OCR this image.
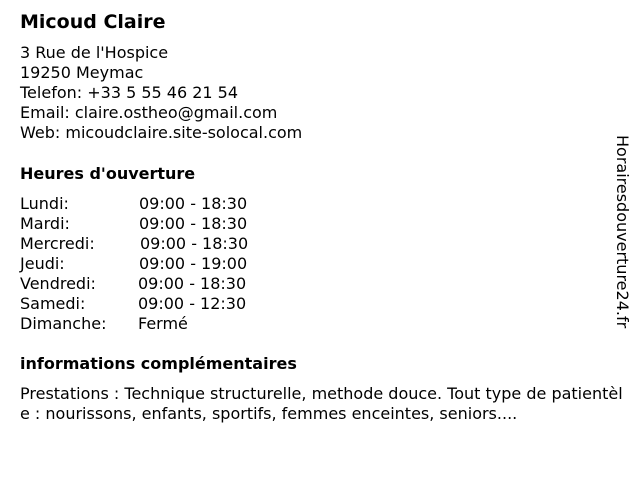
Micoud Claire
3 Rue de l'Hospice
19250 Meymac
Telefon: +33 5 55 46 21 54
Email: claire.ostheo@gmail.com
Web: micoudclaire.site-solocal.com
Heures d'ouverture
Lundi:	09:00 - 18:30
Mardi:	09:00 - 18:30
Mercredi:	09:00 - 18:30
Jeudi:	09:00 - 19:00
Vendredi:	09:00 - 18:30
Samedi:	09:00 - 12:30
Dimanche: Fermé
informations complémentaires
Prestations : Technique structurelle, methode douce. Tout type de patientèle : nourissons, enfants, sportifs, femmes enceintes, seniors....
Horairesdouverture24.fr
